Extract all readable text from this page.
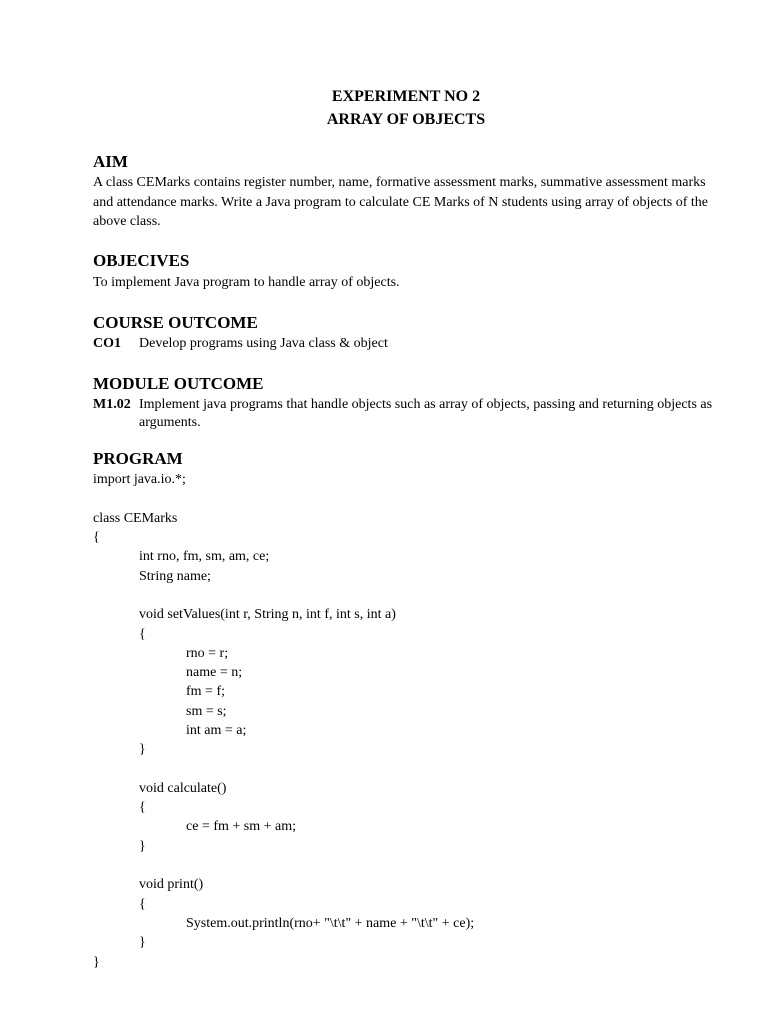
EXPERIMENT NO 2
ARRAY OF OBJECTS
AIM
A class CEMarks contains register number, name, formative assessment marks, summative assessment marks and attendance marks. Write a Java program to calculate CE Marks of N students using array of objects of the above class.
OBJECIVES
To implement Java program to handle array of objects.
COURSE OUTCOME
CO1 Develop programs using Java class & object
MODULE OUTCOME
M1.02 Implement java programs that handle objects such as array of objects, passing and returning objects as arguments.
PROGRAM
import java.io.*;
class CEMarks
{
int rno, fm, sm, am, ce;
String name;
void setValues(int r, String n, int f, int s, int a)
{
rno = r;
name = n;
fm = f;
sm = s;
int am = a;
}
void calculate()
{
ce = fm + sm + am;
}
void print()
{
System.out.println(rno+ "\t\t" + name + "\t\t" + ce);
}
}
